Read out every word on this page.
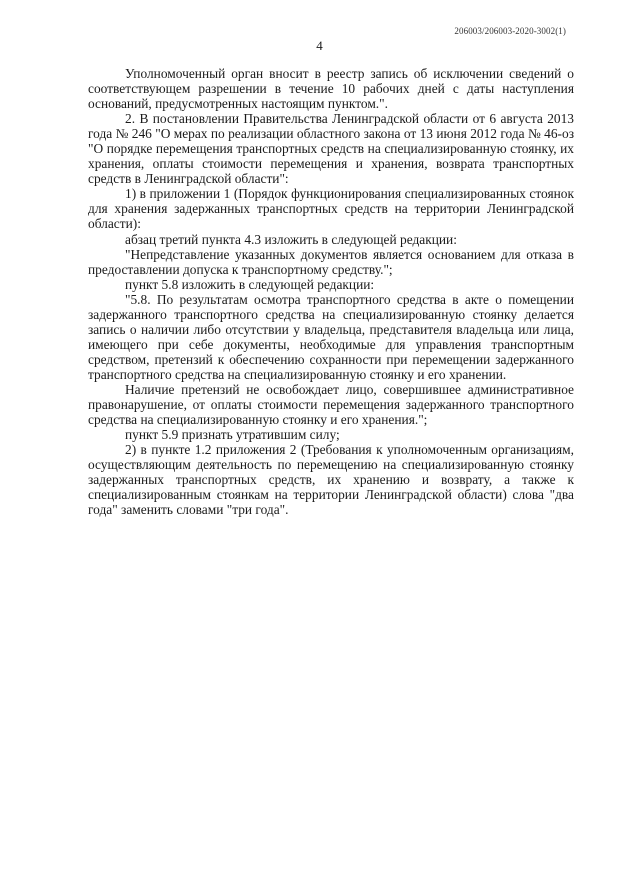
206003/206003-2020-3002(1)
4

Уполномоченный орган вносит в реестр запись об исключении сведений о соответствующем разрешении в течение 10 рабочих дней с даты наступления оснований, предусмотренных настоящим пунктом.".

2. В постановлении Правительства Ленинградской области от 6 августа 2013 года № 246 "О мерах по реализации областного закона от 13 июня 2012 года № 46-оз "О порядке перемещения транспортных средств на специализированную стоянку, их хранения, оплаты стоимости перемещения и хранения, возврата транспортных средств в Ленинградской области":

1) в приложении 1 (Порядок функционирования специализированных стоянок для хранения задержанных транспортных средств на территории Ленинградской области):

абзац третий пункта 4.3 изложить в следующей редакции:

"Непредставление указанных документов является основанием для отказа в предоставлении допуска к транспортному средству.";

пункт 5.8 изложить в следующей редакции:

"5.8. По результатам осмотра транспортного средства в акте о помещении задержанного транспортного средства на специализированную стоянку делается запись о наличии либо отсутствии у владельца, представителя владельца или лица, имеющего при себе документы, необходимые для управления транспортным средством, претензий к обеспечению сохранности при перемещении задержанного транспортного средства на специализированную стоянку и его хранении.

Наличие претензий не освобождает лицо, совершившее административное правонарушение, от оплаты стоимости перемещения задержанного транспортного средства на специализированную стоянку и его хранения.";

пункт 5.9 признать утратившим силу;

2) в пункте 1.2 приложения 2 (Требования к уполномоченным организациям, осуществляющим деятельность по перемещению на специализированную стоянку задержанных транспортных средств, их хранению и возврату, а также к специализированным стоянкам на территории Ленинградской области) слова "два года" заменить словами "три года".
